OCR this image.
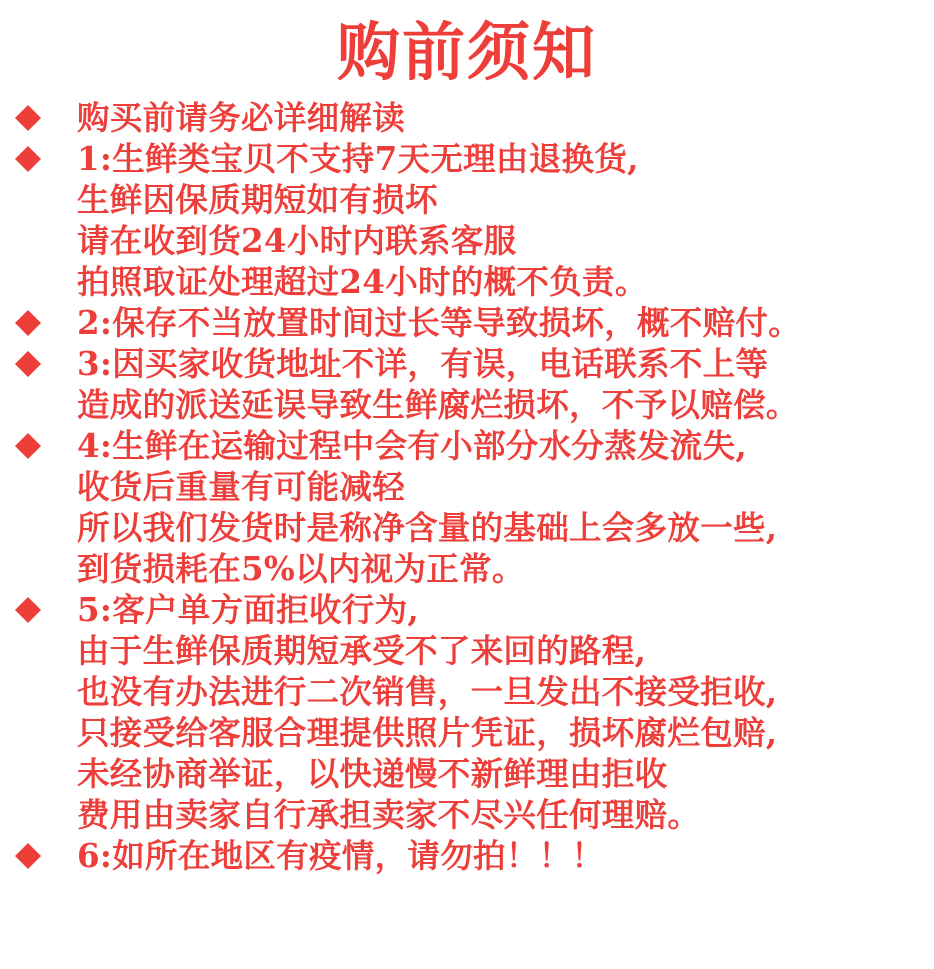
购前须知
购买前请务必详细解读
1:生鲜类宝贝不支持7天无理由退换货,
生鲜因保质期短如有损坏
请在收到货24小时内联系客服
拍照取证处理超过24小时的概不负责。
2:保存不当放置时间过长等导致损坏，概不赔付。
3:因买家收货地址不详，有误，电话联系不上等
造成的派送延误导致生鲜腐烂损坏，不予以赔偿。
4:生鲜在运输过程中会有小部分水分蒸发流失,
收货后重量有可能减轻
所以我们发货时是称净含量的基础上会多放一些,
到货损耗在5%以内视为正常。
5:客户单方面拒收行为,
由于生鲜保质期短承受不了来回的路程,
也没有办法进行二次销售，一旦发出不接受拒收,
只接受给客服合理提供照片凭证，损坏腐烂包赔,
未经协商举证，以快递慢不新鲜理由拒收
费用由卖家自行承担卖家不尽兴任何理赔。
6:如所在地区有疫情，请勿拍！！！
